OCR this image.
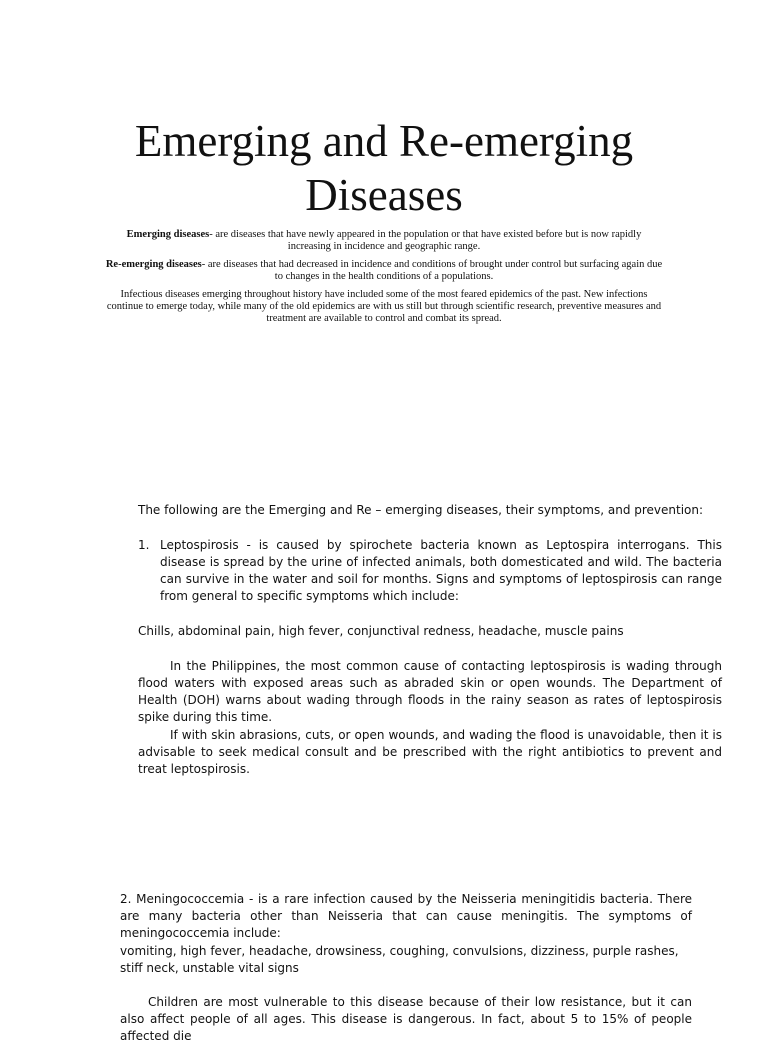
Emerging and Re-emerging
Diseases

Emerging diseases- are diseases that have newly appeared in the population or that have existed before but is now rapidly increasing in incidence and geographic range.

Re-emerging diseases- are diseases that had decreased in incidence and conditions of brought under control but surfacing again due to changes in the health conditions of a populations.

Infectious diseases emerging throughout history have included some of the most feared epidemics of the past. New infections continue to emerge today, while many of the old epidemics are with us still but through scientific research, preventive measures and treatment are available to control and combat its spread.

The following are the Emerging and Re – emerging diseases, their symptoms, and prevention:

1. Leptospirosis - is caused by spirochete bacteria known as Leptospira interrogans. This disease is spread by the urine of infected animals, both domesticated and wild. The bacteria can survive in the water and soil for months. Signs and symptoms of leptospirosis can range from general to specific symptoms which include:

Chills, abdominal pain, high fever, conjunctival redness, headache, muscle pains

In the Philippines, the most common cause of contacting leptospirosis is wading through flood waters with exposed areas such as abraded skin or open wounds. The Department of Health (DOH) warns about wading through floods in the rainy season as rates of leptospirosis spike during this time.

If with skin abrasions, cuts, or open wounds, and wading the flood is unavoidable, then it is advisable to seek medical consult and be prescribed with the right antibiotics to prevent and treat leptospirosis.

2. Meningococcemia - is a rare infection caused by the Neisseria meningitidis bacteria. There are many bacteria other than Neisseria that can cause meningitis. The symptoms of meningococcemia include:

vomiting, high fever, headache, drowsiness, coughing, convulsions, dizziness, purple rashes, stiff neck, unstable vital signs

Children are most vulnerable to this disease because of their low resistance, but it can also affect people of all ages. This disease is dangerous. In fact, about 5 to 15% of people affected die
